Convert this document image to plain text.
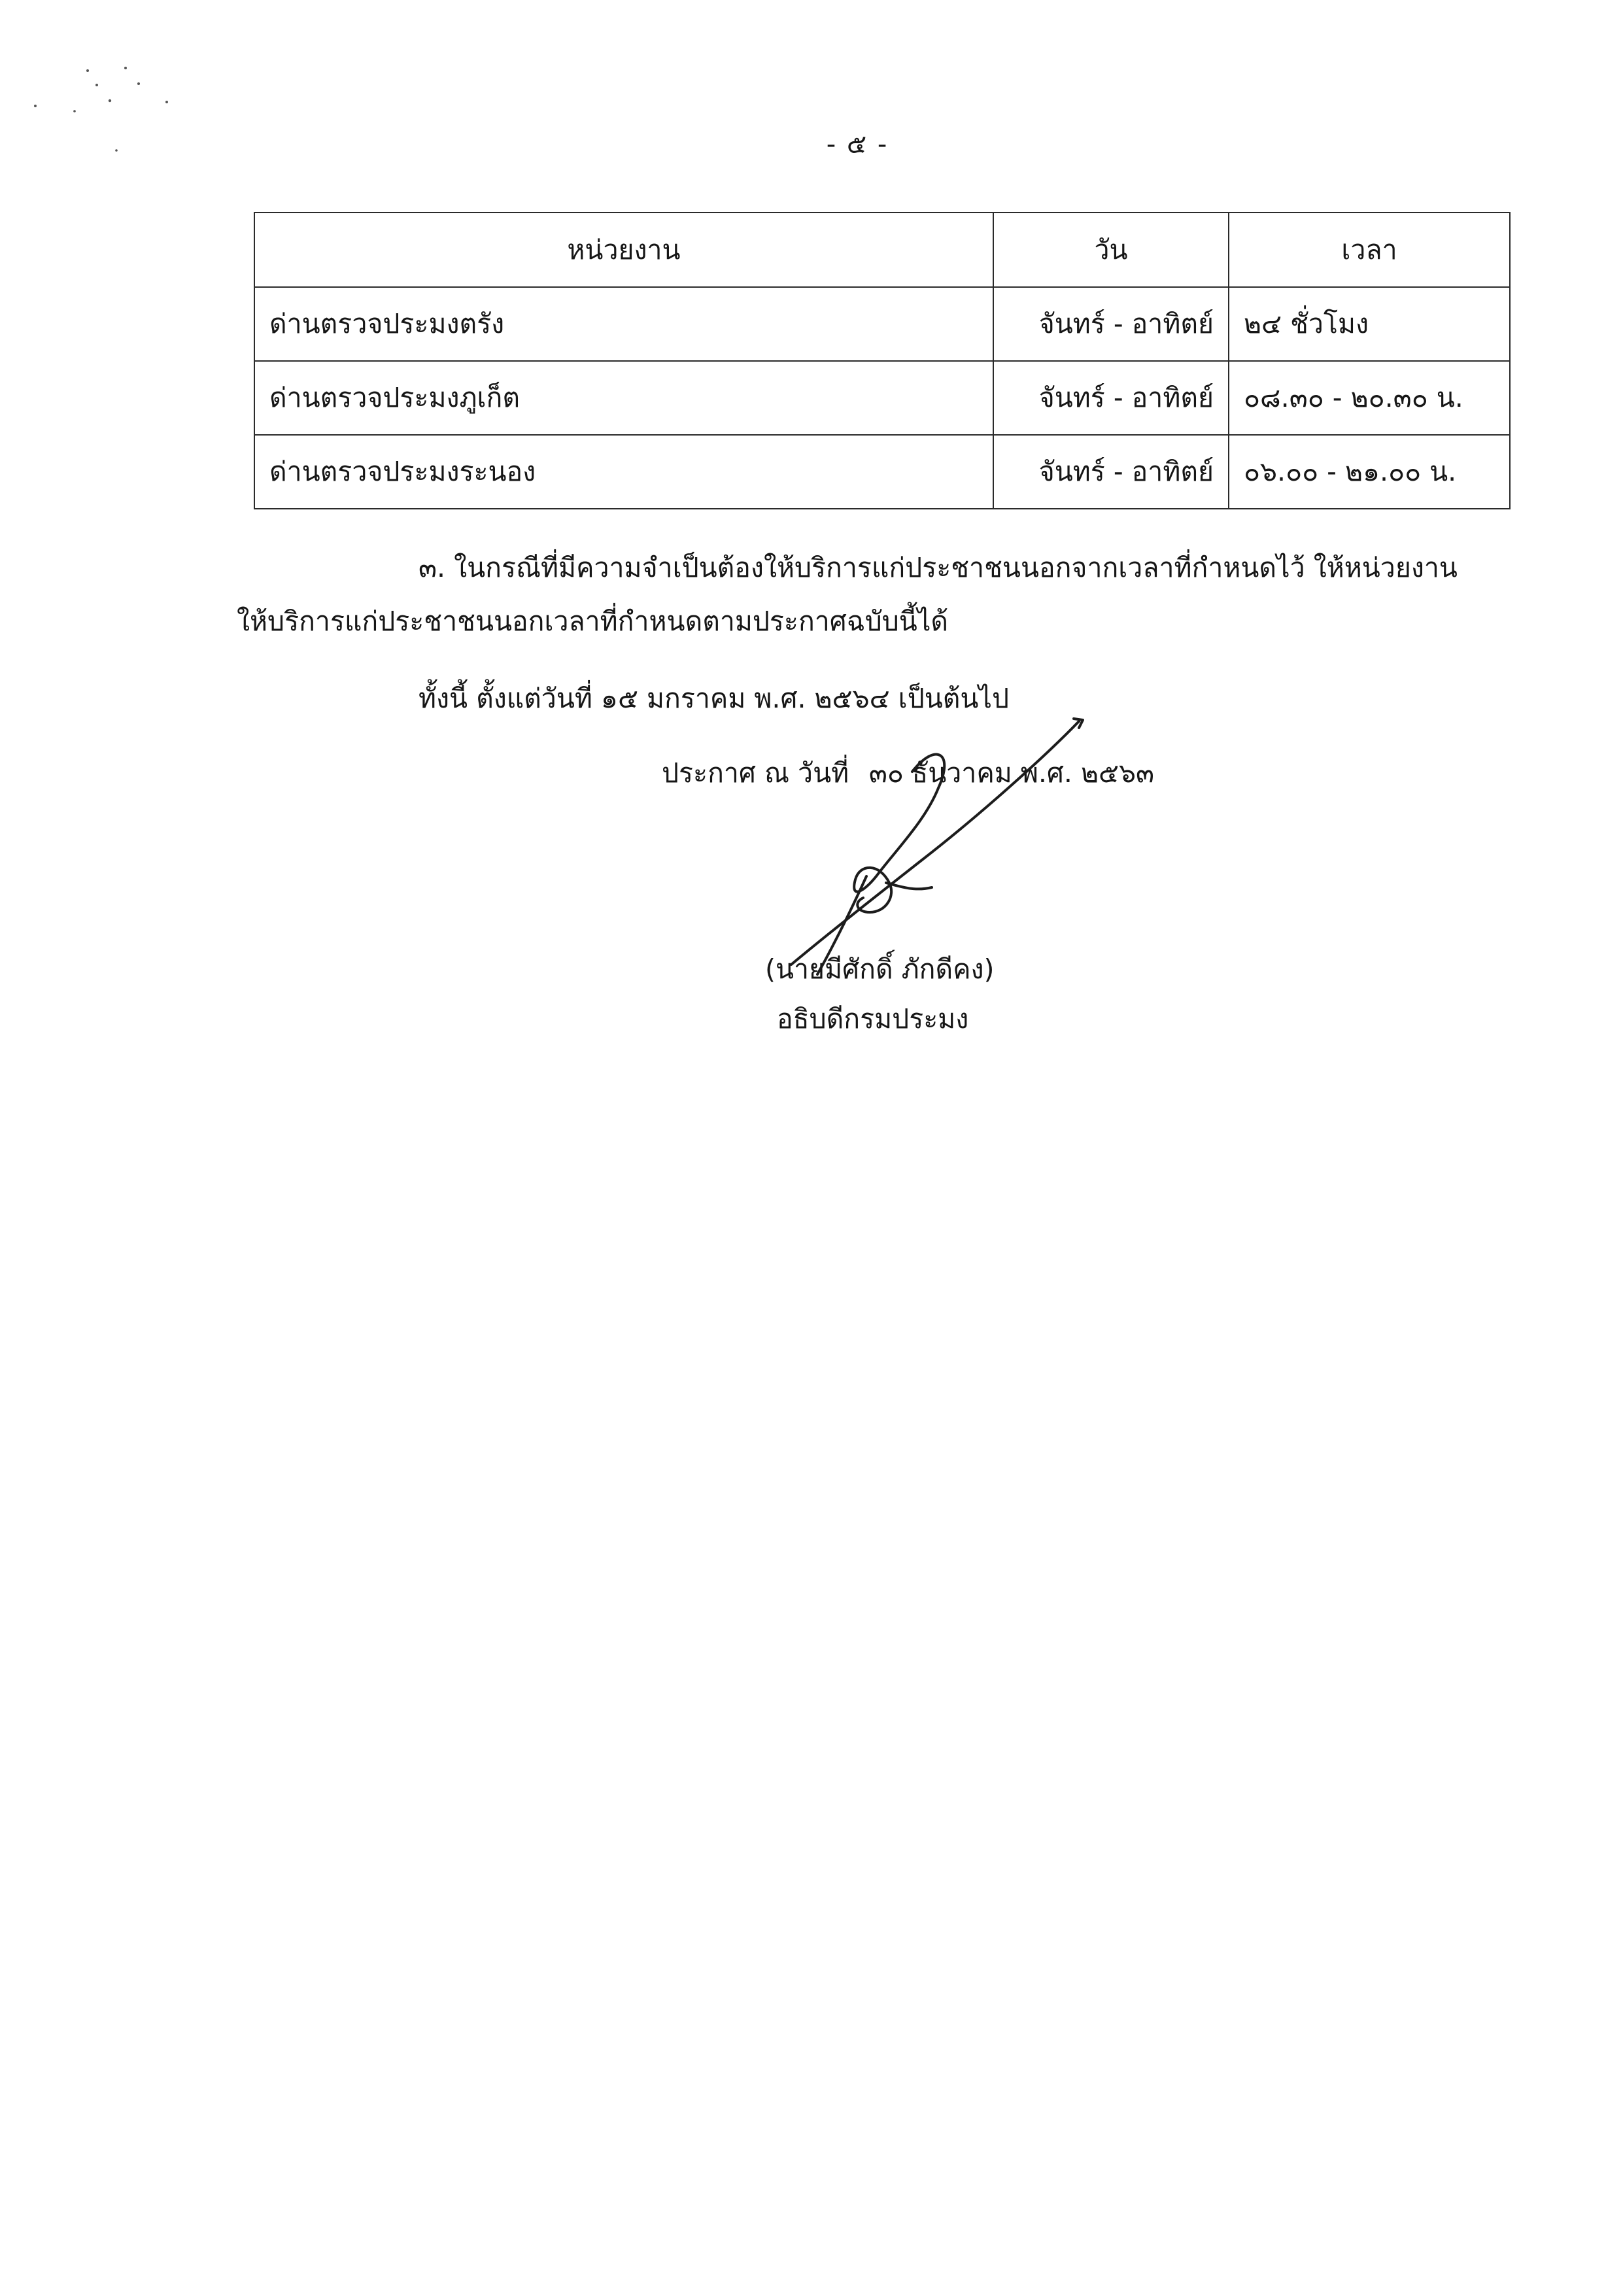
- ๕ -
หน่วยงาน	วัน	เวลา
ด่านตรวจประมงตรัง	จันทร์ - อาทิตย์	๒๔ ชั่วโมง
ด่านตรวจประมงภูเก็ต	จันทร์ - อาทิตย์	๐๘.๓๐ - ๒๐.๓๐ น.
ด่านตรวจประมงระนอง	จันทร์ - อาทิตย์	๐๖.๐๐ - ๒๑.๐๐ น.
๓. ในกรณีที่มีความจำเป็นต้องให้บริการแก่ประชาชนนอกจากเวลาที่กำหนดไว้ ให้หน่วยงาน
ให้บริการแก่ประชาชนนอกเวลาที่กำหนดตามประกาศฉบับนี้ได้
ทั้งนี้ ตั้งแต่วันที่ ๑๕ มกราคม พ.ศ. ๒๕๖๔ เป็นต้นไป
ประกาศ ณ วันที่ ๓๐ ธันวาคม พ.ศ. ๒๕๖๓
(นายมีศักดิ์ ภักดีคง)
อธิบดีกรมประมง
